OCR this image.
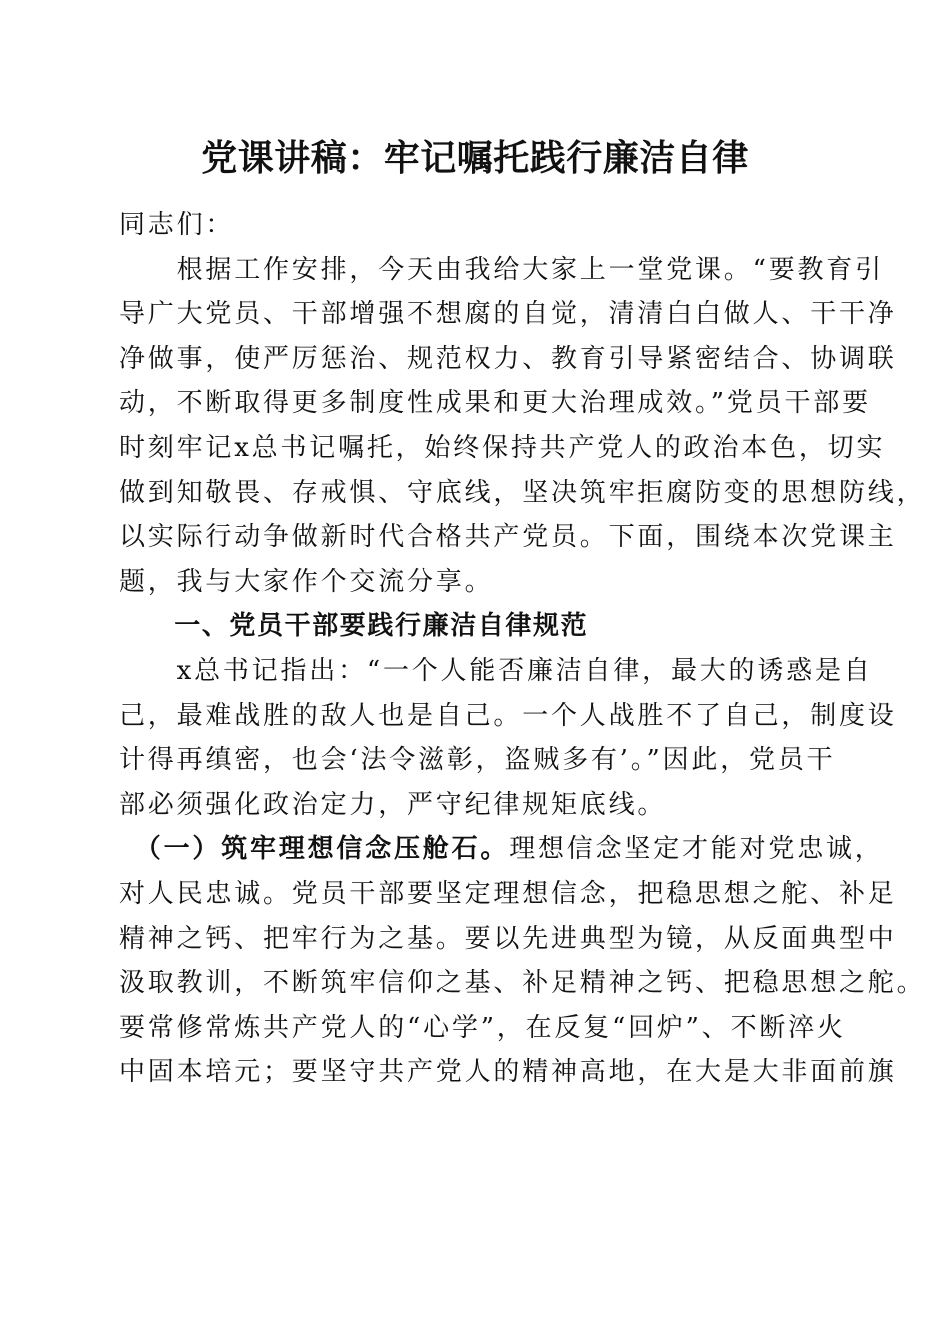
党课讲稿：牢记嘱托践行廉洁自律

同志们：

　　根据工作安排，今天由我给大家上一堂党课。“要教育引

导广大党员、干部增强不想腐的自觉，清清白白做人、干干净

净做事，使严厉惩治、规范权力、教育引导紧密结合、协调联

动，不断取得更多制度性成果和更大治理成效。”党员干部要

时刻牢记x总书记嘱托，始终保持共产党人的政治本色，切实

做到知敬畏、存戒惧、守底线，坚决筑牢拒腐防变的思想防线，

以实际行动争做新时代合格共产党员。下面，围绕本次党课主

题，我与大家作个交流分享。

　　一、党员干部要践行廉洁自律规范

　　x总书记指出：“一个人能否廉洁自律，最大的诱惑是自

己，最难战胜的敌人也是自己。一个人战胜不了自己，制度设

计得再缜密，也会‘法令滋彰，盗贼多有’。”因此，党员干

部必须强化政治定力，严守纪律规矩底线。

　（一）筑牢理想信念压舱石。理想信念坚定才能对党忠诚，

对人民忠诚。党员干部要坚定理想信念，把稳思想之舵、补足

精神之钙、把牢行为之基。要以先进典型为镜，从反面典型中

汲取教训，不断筑牢信仰之基、补足精神之钙、把稳思想之舵。

要常修常炼共产党人的“心学”，在反复“回炉”、不断淬火

中固本培元；要坚守共产党人的精神高地，在大是大非面前旗
